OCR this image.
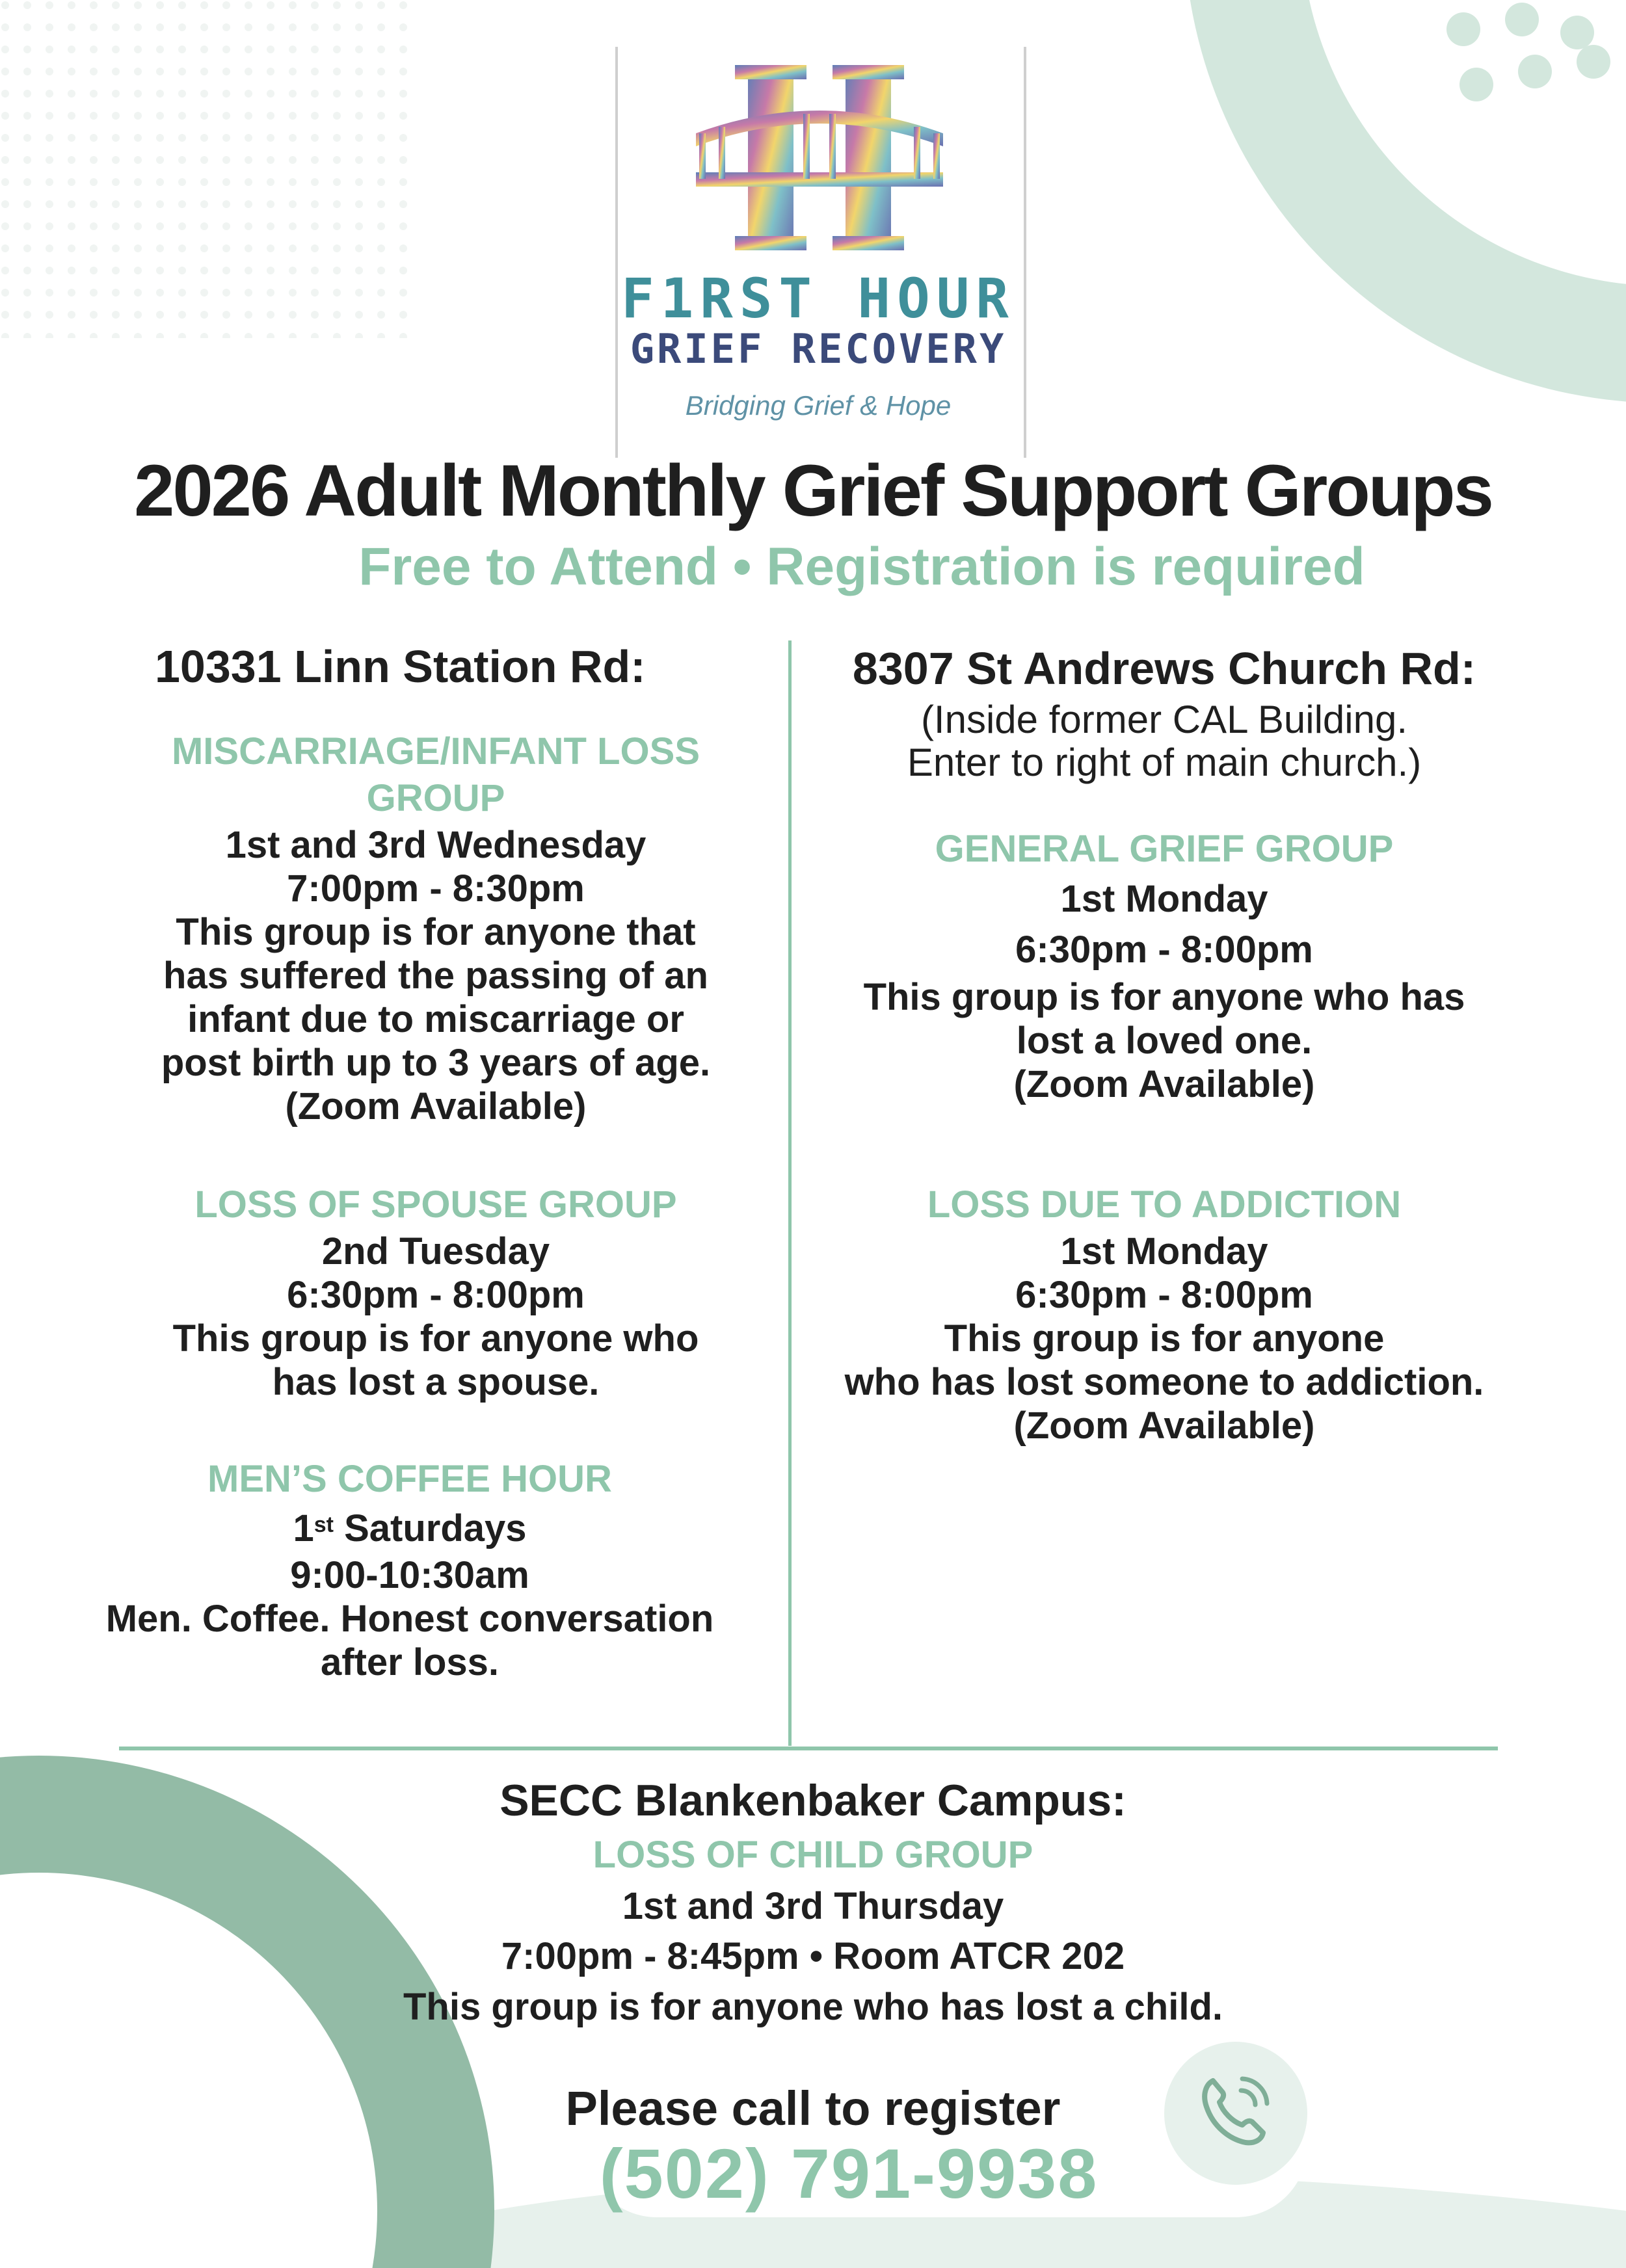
F1RST HOUR
GRIEF RECOVERY
Bridging Grief & Hope
2026 Adult Monthly Grief Support Groups
Free to Attend • Registration is required
10331 Linn Station Rd:
MISCARRIAGE/INFANT LOSS
GROUP
1st and 3rd Wednesday
7:00pm - 8:30pm
This group is for anyone that
has suffered the passing of an
infant due to miscarriage or
post birth up to 3 years of age.
(Zoom Available)
LOSS OF SPOUSE GROUP
2nd Tuesday
6:30pm - 8:00pm
This group is for anyone who
has lost a spouse.
MEN’S COFFEE HOUR
1st Saturdays
9:00-10:30am
Men. Coffee. Honest conversation
after loss.
8307 St Andrews Church Rd:
(Inside former CAL Building.
Enter to right of main church.)
GENERAL GRIEF GROUP
1st Monday
6:30pm - 8:00pm
This group is for anyone who has
lost a loved one.
(Zoom Available)
LOSS DUE TO ADDICTION
1st Monday
6:30pm - 8:00pm
This group is for anyone
who has lost someone to addiction.
(Zoom Available)
SECC Blankenbaker Campus:
LOSS OF CHILD GROUP
1st and 3rd Thursday
7:00pm - 8:45pm • Room ATCR 202
This group is for anyone who has lost a child.
Please call to register
(502) 791-9938
